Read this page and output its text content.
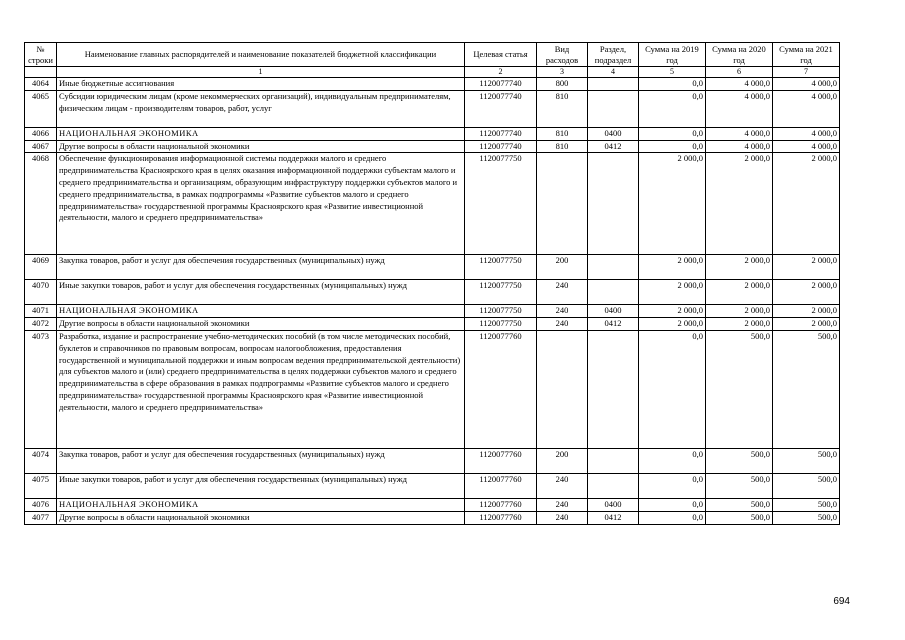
№ строки	Наименование главных распорядителей и наименование показателей бюджетной классификации	Целевая статья	Вид расходов	Раздел, подраздел	Сумма на 2019 год	Сумма на 2020 год	Сумма на 2021 год
	1	2	3	4	5	6	7
4064	Иные бюджетные ассигнования	1120077740	800		0,0	4 000,0	4 000,0
4065	Субсидии юридическим лицам (кроме некоммерческих организаций), индивидуальным предпринимателям, физическим лицам - производителям товаров, работ, услуг	1120077740	810		0,0	4 000,0	4 000,0
4066	НАЦИОНАЛЬНАЯ ЭКОНОМИКА	1120077740	810	0400	0,0	4 000,0	4 000,0
4067	Другие вопросы в области национальной экономики	1120077740	810	0412	0,0	4 000,0	4 000,0
4068	Обеспечение функционирования информационной системы поддержки малого и среднего предпринимательства Красноярского края в целях оказания информационной поддержки субъектам малого и среднего предпринимательства и организациям, образующим инфраструктуру поддержки субъектов малого и среднего предпринимательства, в рамках подпрограммы «Развитие субъектов малого и среднего предпринимательства» государственной программы Красноярского края «Развитие инвестиционной деятельности, малого и среднего предпринимательства»	1120077750			2 000,0	2 000,0	2 000,0
4069	Закупка товаров, работ и услуг для обеспечения государственных (муниципальных) нужд	1120077750	200		2 000,0	2 000,0	2 000,0
4070	Иные закупки товаров, работ и услуг для обеспечения государственных (муниципальных) нужд	1120077750	240		2 000,0	2 000,0	2 000,0
4071	НАЦИОНАЛЬНАЯ ЭКОНОМИКА	1120077750	240	0400	2 000,0	2 000,0	2 000,0
4072	Другие вопросы в области национальной экономики	1120077750	240	0412	2 000,0	2 000,0	2 000,0
4073	Разработка, издание и распространение учебно-методических пособий (в том числе методических пособий, буклетов и справочников по правовым вопросам, вопросам налогообложения, предоставления государственной и муниципальной поддержки и иным вопросам ведения предпринимательской деятельности) для субъектов малого и (или) среднего предпринимательства в целях поддержки субъектов малого и среднего предпринимательства в сфере образования в рамках подпрограммы «Развитие субъектов малого и среднего предпринимательства» государственной программы Красноярского края «Развитие инвестиционной деятельности, малого и среднего предпринимательства»	1120077760			0,0	500,0	500,0
4074	Закупка товаров, работ и услуг для обеспечения государственных (муниципальных) нужд	1120077760	200		0,0	500,0	500,0
4075	Иные закупки товаров, работ и услуг для обеспечения государственных (муниципальных) нужд	1120077760	240		0,0	500,0	500,0
4076	НАЦИОНАЛЬНАЯ ЭКОНОМИКА	1120077760	240	0400	0,0	500,0	500,0
4077	Другие вопросы в области национальной экономики	1120077760	240	0412	0,0	500,0	500,0
694
